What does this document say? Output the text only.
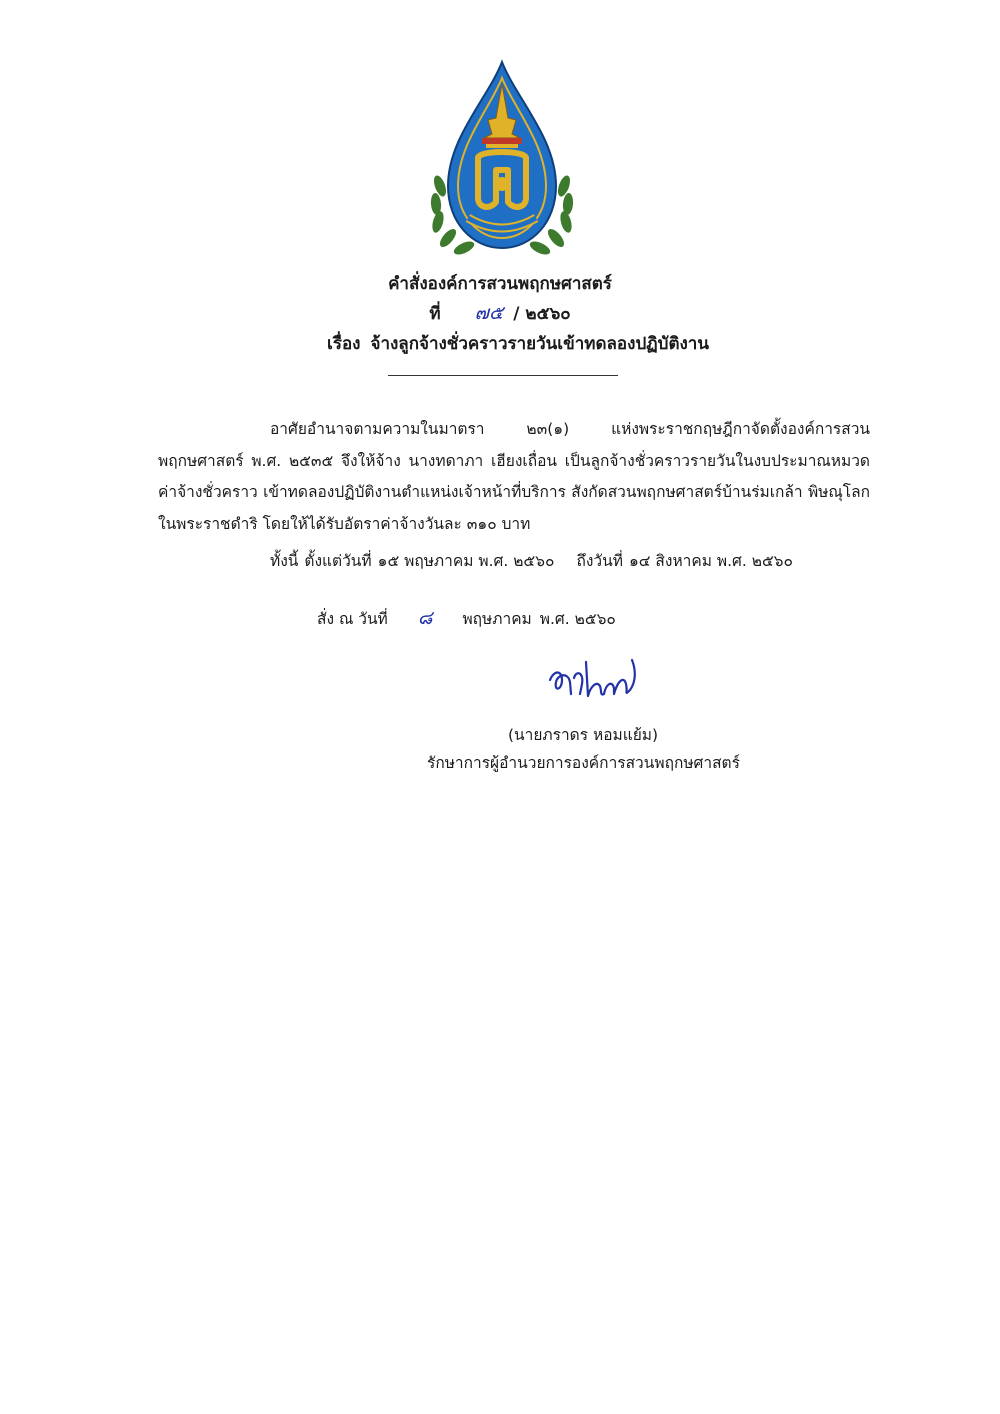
คำสั่งองค์การสวนพฤกษศาสตร์
ที่ ๗๕ / ๒๕๖๐
เรื่อง จ้างลูกจ้างชั่วคราวรายวันเข้าทดลองปฏิบัติงาน

อาศัยอำนาจตามความในมาตรา ๒๓(๑) แห่งพระราชกฤษฎีกาจัดตั้งองค์การสวนพฤกษศาสตร์ พ.ศ. ๒๕๓๕ จึงให้จ้าง นางทดาภา เฮียงเถื่อน เป็นลูกจ้างชั่วคราวรายวันในงบประมาณหมวดค่าจ้างชั่วคราว เข้าทดลองปฏิบัติงานตำแหน่งเจ้าหน้าที่บริการ สังกัดสวนพฤกษศาสตร์บ้านร่มเกล้า พิษณุโลก ในพระราชดำริ โดยให้ได้รับอัตราค่าจ้างวันละ ๓๑๐ บาท

ทั้งนี้ ตั้งแต่วันที่ ๑๕ พฤษภาคม พ.ศ. ๒๕๖๐ ถึงวันที่ ๑๔ สิงหาคม พ.ศ. ๒๕๖๐
สั่ง ณ วันที่ ๘ พฤษภาคม พ.ศ. ๒๕๖๐
(นายภราดร หอมแย้ม)
รักษาการผู้อำนวยการองค์การสวนพฤกษศาสตร์
